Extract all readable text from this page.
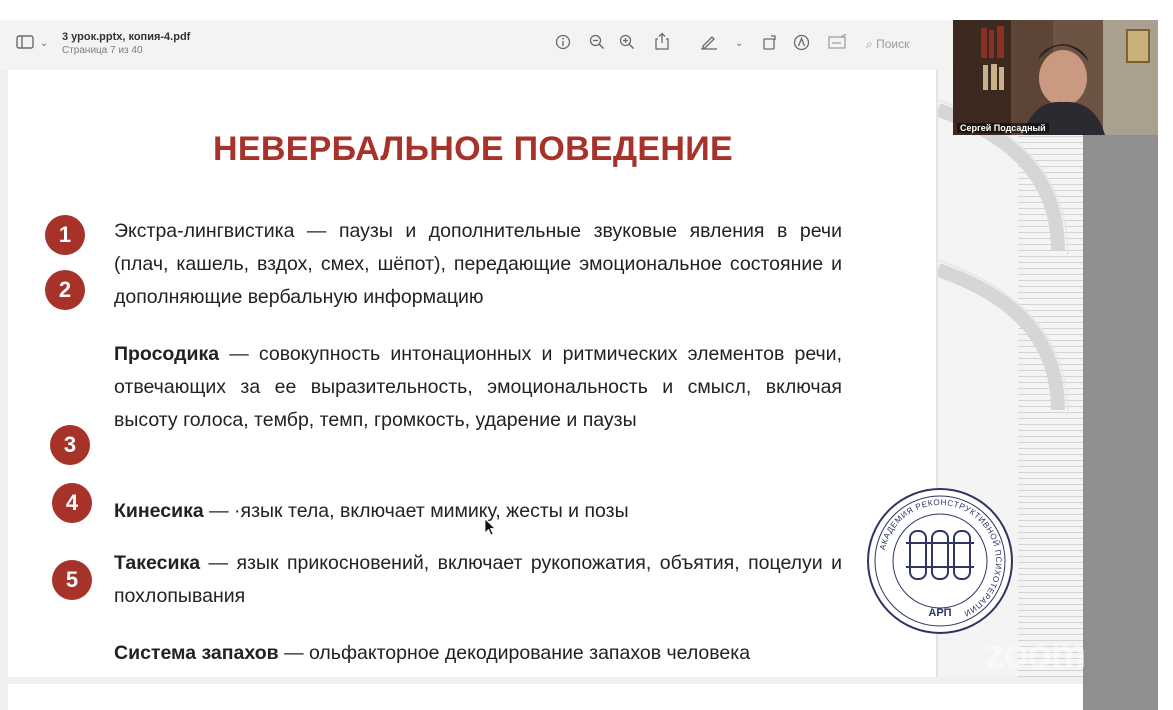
⌄
3 урок.pptx, копия-4.pdf
Страница 7 из 40
⌄	⌕ Поиск
НЕВЕРБАЛЬНОЕ ПОВЕДЕНИЕ
1
2
3
4
5
Экстра-лингвистика — паузы и дополнительные звуковые явления в речи (плач, кашель, вздох, смех, шёпот), передающие эмоциональное состояние и дополняющие вербальную информацию
Просодика — совокупность интонационных и ритмических элементов речи, отвечающих за ее выразительность, эмоциональность и смысл, включая высоту голоса, тембр, темп, громкость, ударение и паузы
Кинесика — ·язык тела, включает мимику, жесты и позы
Такесика — язык прикосновений, включает рукопожатия, объятия, поцелуи и похлопывания
Система запахов — ольфакторное декодирование запахов человека
АКАДЕМИЯ РЕКОНСТРУКТИВНОЙ ПСИХОТЕРАПИИ
АРП
Сергей Подсадный
zoom
